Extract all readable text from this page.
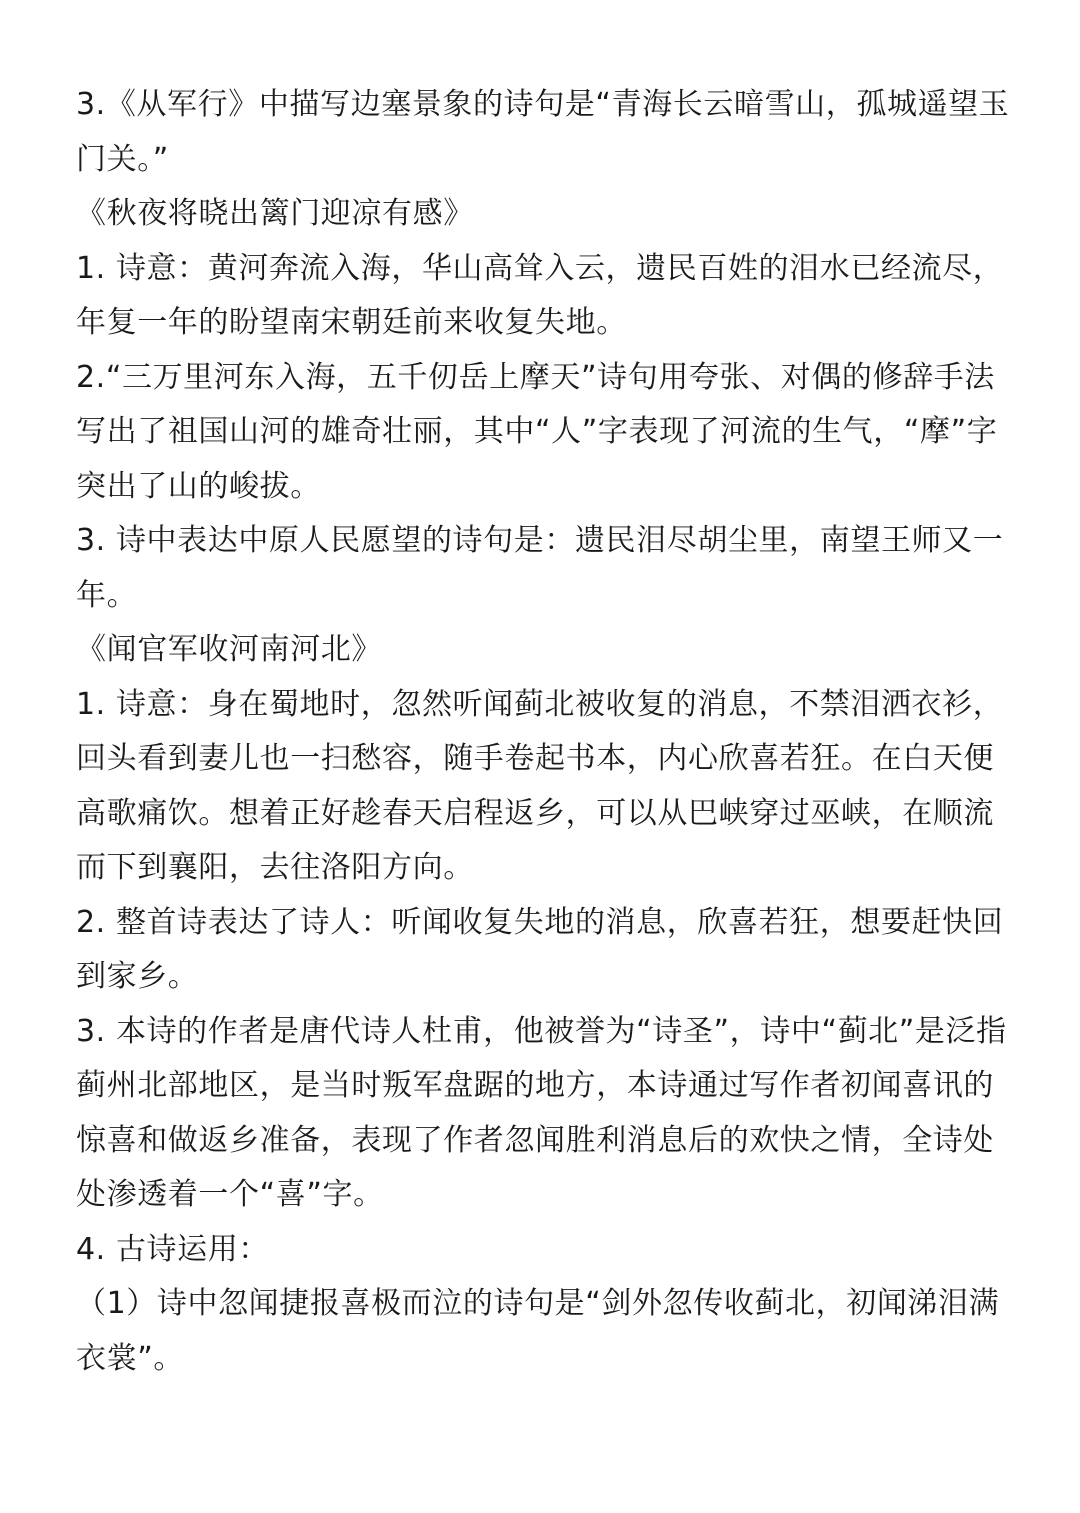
3.《从军行》中描写边塞景象的诗句是“青海长云暗雪山，孤城遥望玉门关。”

《秋夜将晓出篱门迎凉有感》

1. 诗意：黄河奔流入海，华山高耸入云，遗民百姓的泪水已经流尽，年复一年的盼望南宋朝廷前来收复失地。

2.“三万里河东入海，五千仞岳上摩天”诗句用夸张、对偶的修辞手法写出了祖国山河的雄奇壮丽，其中“人”字表现了河流的生气，“摩”字突出了山的峻拔。

3. 诗中表达中原人民愿望的诗句是：遗民泪尽胡尘里，南望王师又一年。

《闻官军收河南河北》

1. 诗意：身在蜀地时，忽然听闻蓟北被收复的消息，不禁泪洒衣衫，回头看到妻儿也一扫愁容，随手卷起书本，内心欣喜若狂。在白天便高歌痛饮。想着正好趁春天启程返乡，可以从巴峡穿过巫峡，在顺流而下到襄阳，去往洛阳方向。

2. 整首诗表达了诗人：听闻收复失地的消息，欣喜若狂，想要赶快回到家乡。

3. 本诗的作者是唐代诗人杜甫，他被誉为“诗圣”，诗中“蓟北”是泛指蓟州北部地区，是当时叛军盘踞的地方，本诗通过写作者初闻喜讯的惊喜和做返乡准备，表现了作者忽闻胜利消息后的欢快之情，全诗处处渗透着一个“喜”字。

4. 古诗运用：

（1）诗中忽闻捷报喜极而泣的诗句是“剑外忽传收蓟北，初闻涕泪满衣裳”。
